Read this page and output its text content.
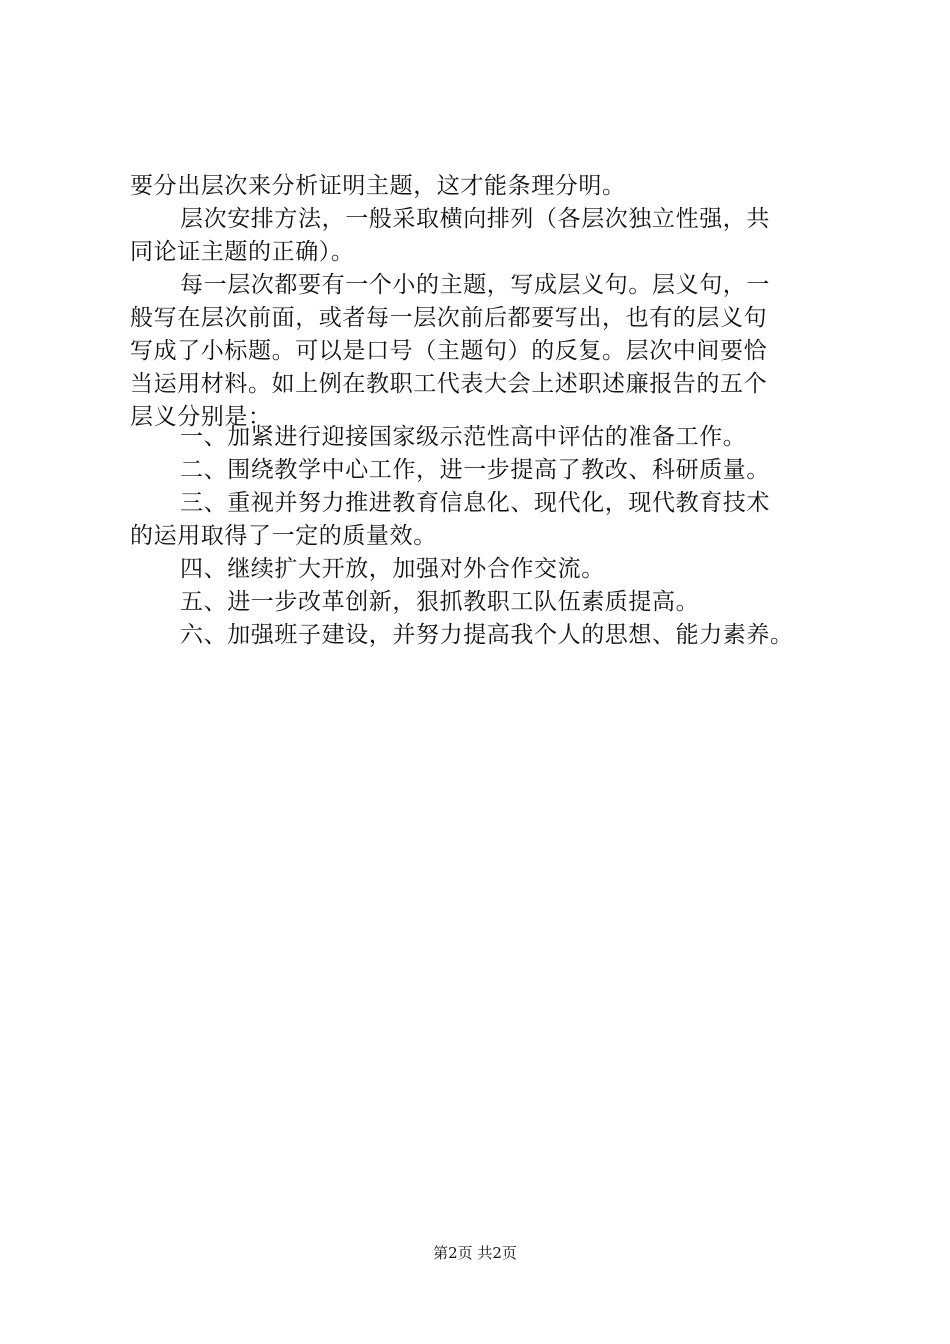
要分出层次来分析证明主题，这才能条理分明。
层次安排方法，一般采取横向排列（各层次独立性强，共
同论证主题的正确）。
每一层次都要有一个小的主题，写成层义句。层义句，一
般写在层次前面，或者每一层次前后都要写出，也有的层义句
写成了小标题。可以是口号（主题句）的反复。层次中间要恰
当运用材料。如上例在教职工代表大会上述职述廉报告的五个
层义分别是：
一、加紧进行迎接国家级示范性高中评估的准备工作。
二、围绕教学中心工作，进一步提高了教改、科研质量。
三、重视并努力推进教育信息化、现代化，现代教育技术
的运用取得了一定的质量效。
四、继续扩大开放，加强对外合作交流。
五、进一步改革创新，狠抓教职工队伍素质提高。
六、加强班子建设，并努力提高我个人的思想、能力素养。
第2页 共2页
